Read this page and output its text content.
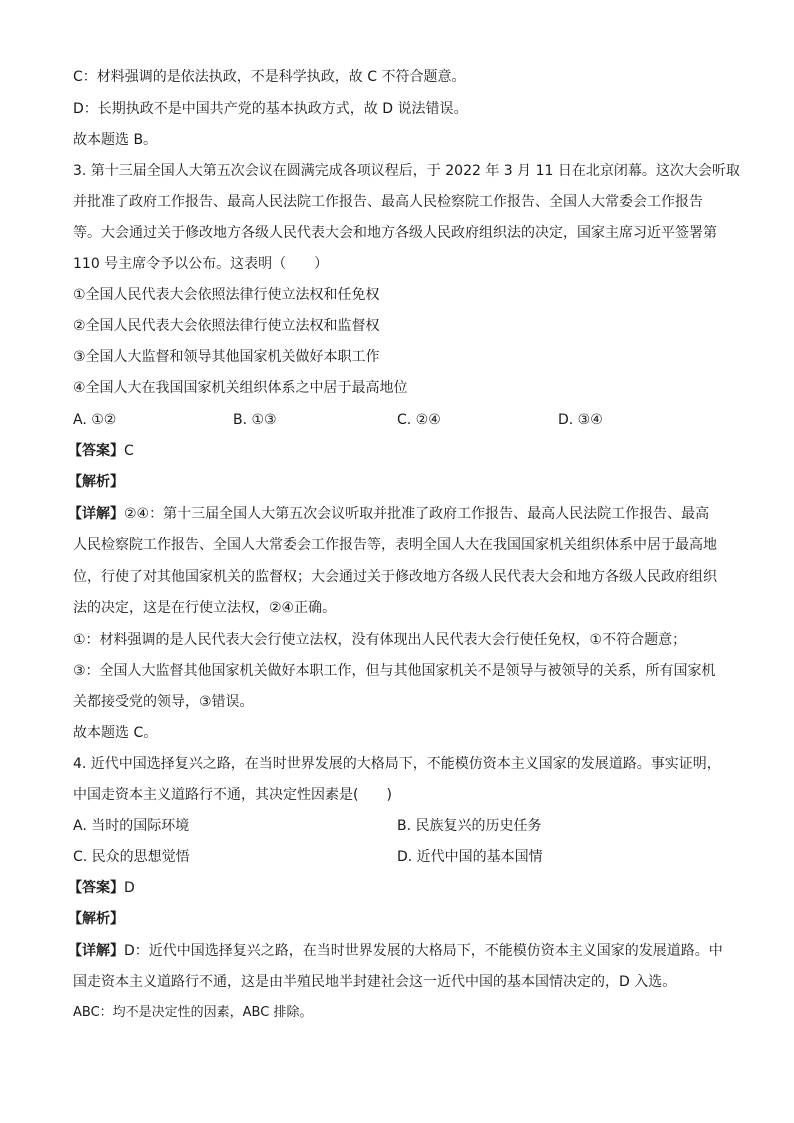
C：材料强调的是依法执政，不是科学执政，故 C 不符合题意。
D：长期执政不是中国共产党的基本执政方式，故 D 说法错误。
故本题选 B。
3. 第十三届全国人大第五次会议在圆满完成各项议程后，于 2022 年 3 月 11 日在北京闭幕。这次大会听取
并批准了政府工作报告、最高人民法院工作报告、最高人民检察院工作报告、全国人大常委会工作报告
等。大会通过关于修改地方各级人民代表大会和地方各级人民政府组织法的决定，国家主席习近平签署第
110 号主席令予以公布。这表明（　　）
①全国人民代表大会依照法律行使立法权和任免权
②全国人民代表大会依照法律行使立法权和监督权
③全国人大监督和领导其他国家机关做好本职工作
④全国人大在我国国家机关组织体系之中居于最高地位
A. ①②	B. ①③	C. ②④	D. ③④
【答案】C
【解析】
【详解】②④：第十三届全国人大第五次会议听取并批准了政府工作报告、最高人民法院工作报告、最高
人民检察院工作报告、全国人大常委会工作报告等，表明全国人大在我国国家机关组织体系中居于最高地
位，行使了对其他国家机关的监督权；大会通过关于修改地方各级人民代表大会和地方各级人民政府组织
法的决定，这是在行使立法权，②④正确。
①：材料强调的是人民代表大会行使立法权，没有体现出人民代表大会行使任免权，①不符合题意；
③：全国人大监督其他国家机关做好本职工作，但与其他国家机关不是领导与被领导的关系，所有国家机
关都接受党的领导，③错误。
故本题选 C。
4. 近代中国选择复兴之路，在当时世界发展的大格局下，不能模仿资本主义国家的发展道路。事实证明，
中国走资本主义道路行不通，其决定性因素是(　　)
A. 当时的国际环境	B. 民族复兴的历史任务
C. 民众的思想觉悟	D. 近代中国的基本国情
【答案】D
【解析】
【详解】D：近代中国选择复兴之路，在当时世界发展的大格局下，不能模仿资本主义国家的发展道路。中
国走资本主义道路行不通，这是由半殖民地半封建社会这一近代中国的基本国情决定的，D 入选。
ABC：均不是决定性的因素，ABC 排除。
